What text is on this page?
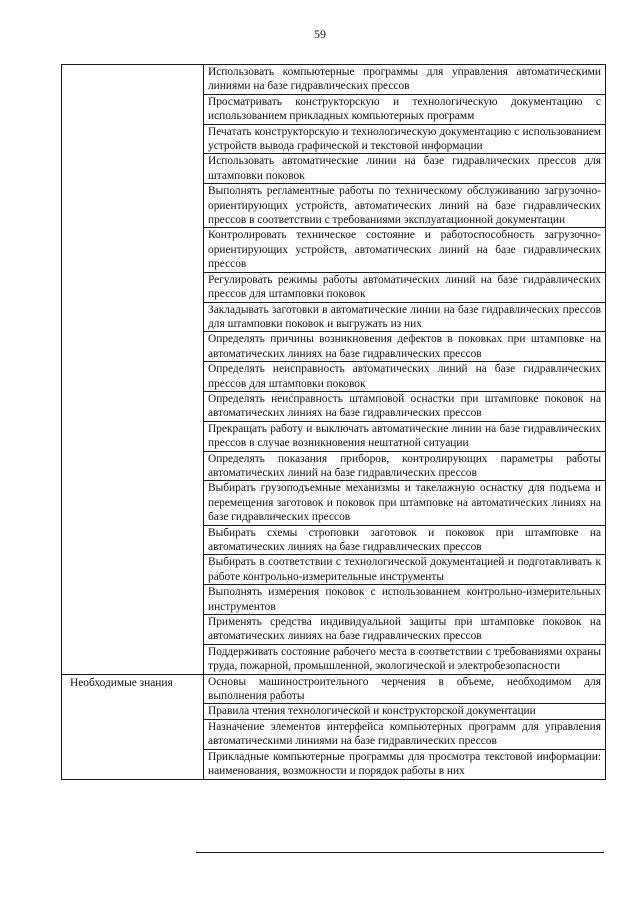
59
	Использовать компьютерные программы для управления автоматическими линиями на базе гидравлических прессов
	Просматривать конструкторскую и технологическую документацию с использованием прикладных компьютерных программ
	Печатать конструкторскую и технологическую документацию с использованием устройств вывода графической и текстовой информации
	Использовать автоматические линии на базе гидравлических прессов для штамповки поковок
	Выполнять регламентные работы по техническому обслуживанию загрузочно-ориентирующих устройств, автоматических линий на базе гидравлических прессов в соответствии с требованиями эксплуатационной документации
	Контролировать техническое состояние и работоспособность загрузочно-ориентирующих устройств, автоматических линий на базе гидравлических прессов
	Регулировать режимы работы автоматических линий на базе гидравлических прессов для штамповки поковок
	Закладывать заготовки в автоматические линии на базе гидравлических прессов для штамповки поковок и выгружать из них
	Определять причины возникновения дефектов в поковках при штамповке на автоматических линиях на базе гидравлических прессов
	Определять неисправность автоматических линий на базе гидравлических прессов для штамповки поковок
	Определять неисправность штамповой оснастки при штамповке поковок на автоматических линиях на базе гидравлических прессов
	Прекращать работу и выключать автоматические линии на базе гидравлических прессов в случае возникновения нештатной ситуации
	Определять показания приборов, контролирующих параметры работы автоматических линий на базе гидравлических прессов
	Выбирать грузоподъемные механизмы и такелажную оснастку для подъема и перемещения заготовок и поковок при штамповке на автоматических линиях на базе гидравлических прессов
	Выбирать схемы строповки заготовок и поковок при штамповке на автоматических линиях на базе гидравлических прессов
	Выбирать в соответствии с технологической документацией и подготавливать к работе контрольно-измерительные инструменты
	Выполнять измерения поковок с использованием контрольно-измерительных инструментов
	Применять средства индивидуальной защиты при штамповке поковок на автоматических линиях на базе гидравлических прессов
	Поддерживать состояние рабочего места в соответствии с требованиями охраны труда, пожарной, промышленной, экологической и электробезопасности
Необходимые знания	Основы машиностроительного черчения в объеме, необходимом для выполнения работы
	Правила чтения технологической и конструкторской документации
	Назначение элементов интерфейса компьютерных программ для управления автоматическими линиями на базе гидравлических прессов
	Прикладные компьютерные программы для просмотра текстовой информации: наименования, возможности и порядок работы в них
